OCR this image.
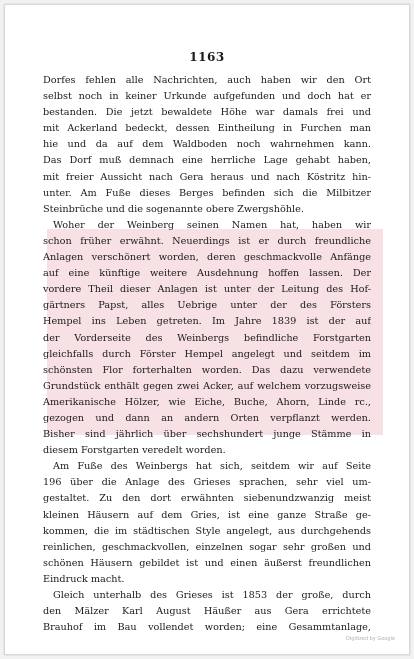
1163
Dorfes fehlen alle Nachrichten, auch haben wir den Ort
selbst noch in keiner Urkunde aufgefunden und doch hat er
bestanden. Die jetzt bewaldete Höhe war damals frei und
mit Ackerland bedeckt, dessen Eintheilung in Furchen man
hie und da auf dem Waldboden noch wahrnehmen kann.
Das Dorf muß demnach eine herrliche Lage gehabt haben,
mit freier Aussicht nach Gera heraus und nach Köstritz hin-
unter. Am Fuße dieses Berges befinden sich die Milbitzer
Steinbrüche und die sogenannte obere Zwergshöhle.
Woher der Weinberg seinen Namen hat, haben wir
schon früher erwähnt. Neuerdings ist er durch freundliche
Anlagen verschönert worden, deren geschmackvolle Anfänge
auf eine künftige weitere Ausdehnung hoffen lassen. Der
vordere Theil dieser Anlagen ist unter der Leitung des Hof-
gärtners Papst, alles Uebrige unter der des Försters
Hempel ins Leben getreten. Im Jahre 1839 ist der auf
der Vorderseite des Weinbergs befindliche Forstgarten
gleichfalls durch Förster Hempel angelegt und seitdem im
schönsten Flor forterhalten worden. Das dazu verwendete
Grundstück enthält gegen zwei Acker, auf welchem vorzugsweise
Amerikanische Hölzer, wie Eiche, Buche, Ahorn, Linde rc.,
gezogen und dann an andern Orten verpflanzt werden.
Bisher sind jährlich über sechshundert junge Stämme in
diesem Forstgarten veredelt worden.
Am Fuße des Weinbergs hat sich, seitdem wir auf Seite
196 über die Anlage des Grieses sprachen, sehr viel um-
gestaltet. Zu den dort erwähnten siebenundzwanzig meist
kleinen Häusern auf dem Gries, ist eine ganze Straße ge-
kommen, die im städtischen Style angelegt, aus durchgehends
reinlichen, geschmackvollen, einzelnen sogar sehr großen und
schönen Häusern gebildet ist und einen äußerst freundlichen
Eindruck macht.
Gleich unterhalb des Grieses ist 1853 der große, durch
den Mälzer Karl August Häußer aus Gera errichtete
Brauhof im Bau vollendet worden; eine Gesammtanlage,
Digitized by Google
